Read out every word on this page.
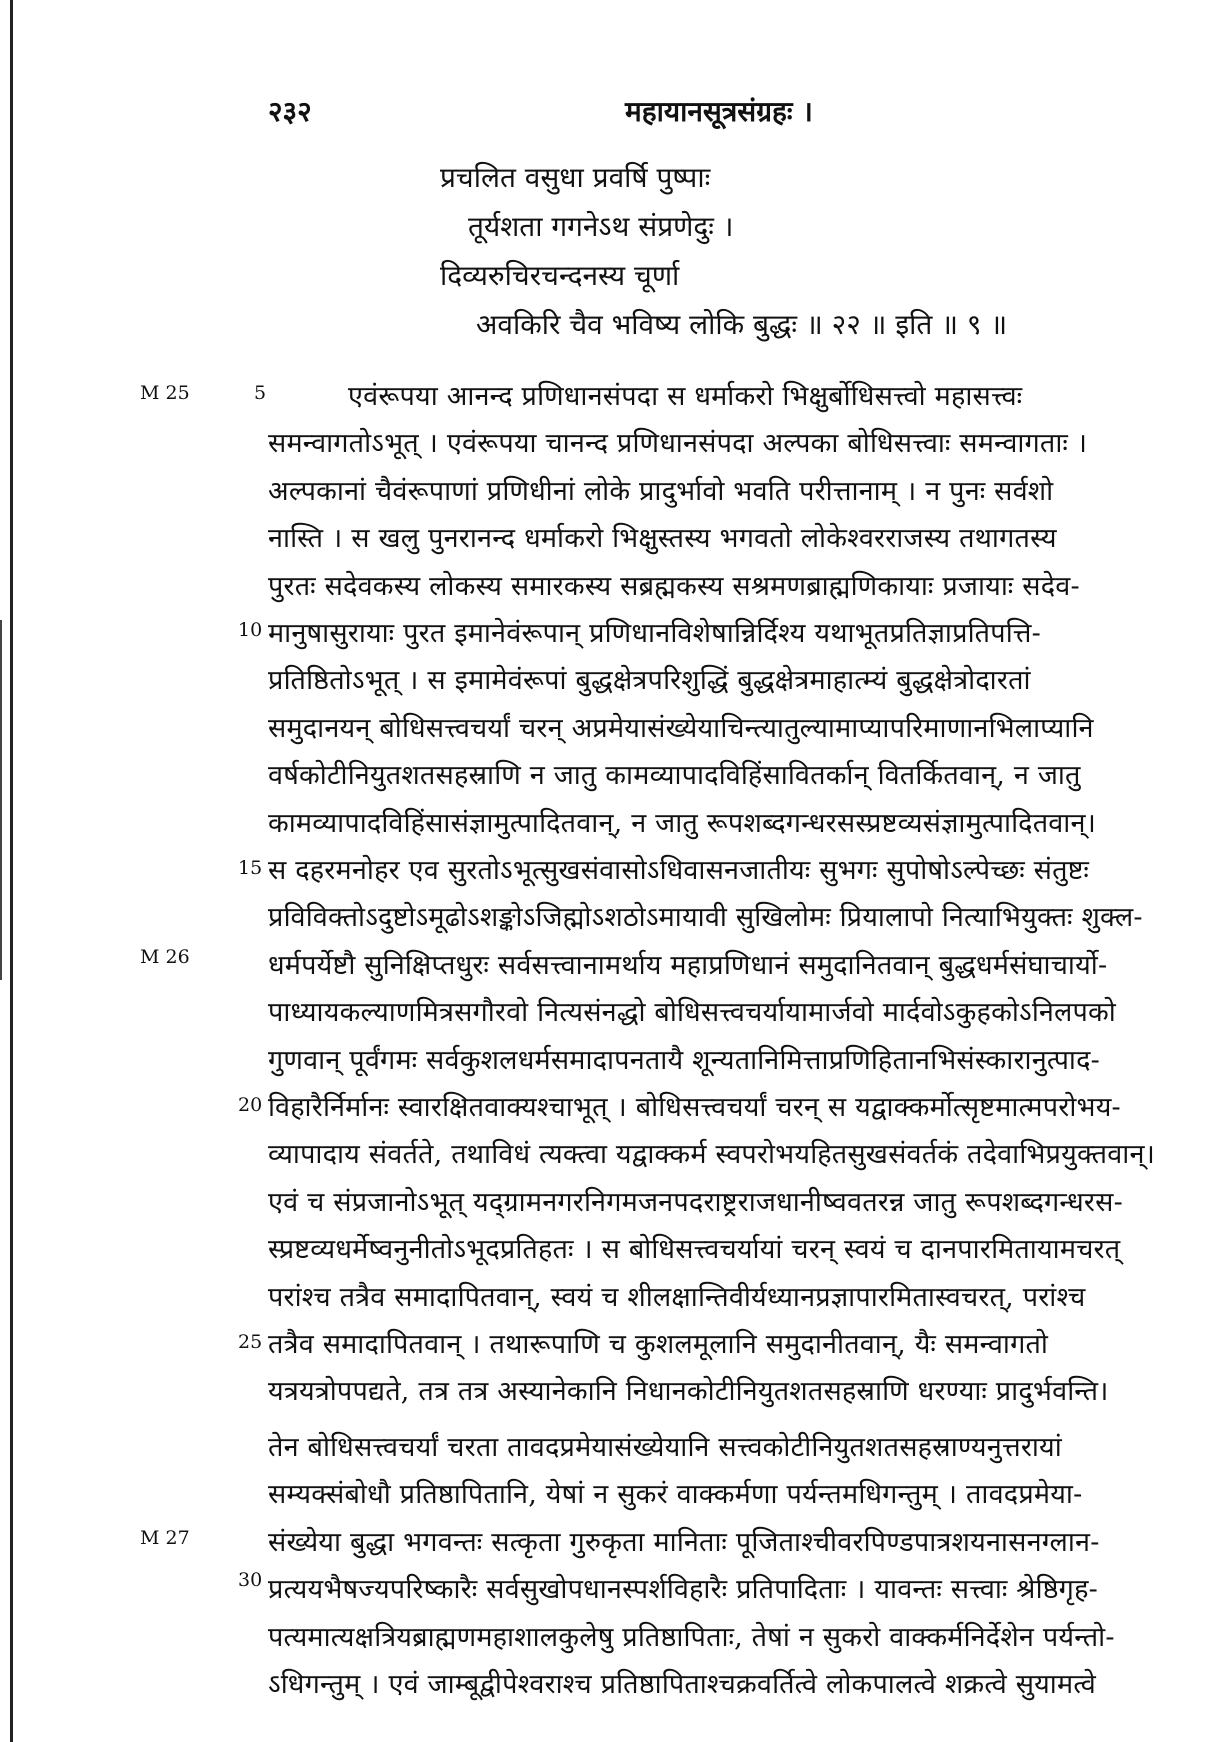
२३२	महायानसूत्रसंग्रहः ।
प्रचलित वसुधा प्रवर्षि पुष्पाः
तूर्यशता गगनेऽथ संप्रणेदुः ।
दिव्यरुचिरचन्दनस्य चूर्णा
अवकिरि चैव भविष्य लोकि बुद्धः ॥ २२ ॥ इति ॥ ९ ॥
M 25
M 26
M 27
5
10
15
20
25
30
एवंरूपया आनन्द प्रणिधानसंपदा स धर्माकरो भिक्षुर्बोधिसत्त्वो महासत्त्वः
समन्वागतोऽभूत् । एवंरूपया चानन्द प्रणिधानसंपदा अल्पका बोधिसत्त्वाः समन्वागताः ।
अल्पकानां चैवंरूपाणां प्रणिधीनां लोके प्रादुर्भावो भवति परीत्तानाम् । न पुनः सर्वशो
नास्ति । स खलु पुनरानन्द धर्माकरो भिक्षुस्तस्य भगवतो लोकेश्वरराजस्य तथागतस्य
पुरतः सदेवकस्य लोकस्य समारकस्य सब्रह्मकस्य सश्रमणब्राह्मणिकायाः प्रजायाः सदेव-
मानुषासुरायाः पुरत इमानेवंरूपान् प्रणिधानविशेषान्निर्दिश्य यथाभूतप्रतिज्ञाप्रतिपत्ति-
प्रतिष्ठितोऽभूत् । स इमामेवंरूपां बुद्धक्षेत्रपरिशुद्धिं बुद्धक्षेत्रमाहात्म्यं बुद्धक्षेत्रोदारतां
समुदानयन् बोधिसत्त्वचर्यां चरन् अप्रमेयासंख्येयाचिन्त्यातुल्यामाप्यापरिमाणानभिलाप्यानि
वर्षकोटीनियुतशतसहस्राणि न जातु कामव्यापादविहिंसावितर्कान् वितर्कितवान्, न जातु
कामव्यापादविहिंसासंज्ञामुत्पादितवान्, न जातु रूपशब्दगन्धरसस्प्रष्टव्यसंज्ञामुत्पादितवान्।
स दहरमनोहर एव सुरतोऽभूत्सुखसंवासोऽधिवासनजातीयः सुभगः सुपोषोऽल्पेच्छः संतुष्टः
प्रविविक्तोऽदुष्टोऽमूढोऽशङ्कोऽजिह्मोऽशठोऽमायावी सुखिलोमः प्रियालापो नित्याभियुक्तः शुक्ल-
धर्मपर्येष्टौ सुनिक्षिप्तधुरः सर्वसत्त्वानामर्थाय महाप्रणिधानं समुदानितवान् बुद्धधर्मसंघाचार्यो-
पाध्यायकल्याणमित्रसगौरवो नित्यसंनद्धो बोधिसत्त्वचर्यायामार्जवो मार्दवोऽकुहकोऽनिलपको
गुणवान् पूर्वंगमः सर्वकुशलधर्मसमादापनतायै शून्यतानिमित्ताप्रणिहितानभिसंस्कारानुत्पाद-
विहारैर्निर्मानः स्वारक्षितवाक्यश्चाभूत् । बोधिसत्त्वचर्यां चरन् स यद्वाक्कर्मोत्सृष्टमात्मपरोभय-
व्यापादाय संवर्तते, तथाविधं त्यक्त्वा यद्वाक्कर्म स्वपरोभयहितसुखसंवर्तकं तदेवाभिप्रयुक्तवान्।
एवं च संप्रजानोऽभूत् यद्ग्रामनगरनिगमजनपदराष्ट्रराजधानीष्ववतरन्न जातु रूपशब्दगन्धरस-
स्प्रष्टव्यधर्मेष्वनुनीतोऽभूदप्रतिहतः । स बोधिसत्त्वचर्यायां चरन् स्वयं च दानपारमितायामचरत्
परांश्च तत्रैव समादापितवान्, स्वयं च शीलक्षान्तिवीर्यध्यानप्रज्ञापारमितास्वचरत्, परांश्च
तत्रैव समादापितवान् । तथारूपाणि च कुशलमूलानि समुदानीतवान्, यैः समन्वागतो
यत्रयत्रोपपद्यते, तत्र तत्र अस्यानेकानि निधानकोटीनियुतशतसहस्राणि धरण्याः प्रादुर्भवन्ति।
तेन बोधिसत्त्वचर्यां चरता तावदप्रमेयासंख्येयानि सत्त्वकोटीनियुतशतसहस्राण्यनुत्तरायां
सम्यक्संबोधौ प्रतिष्ठापितानि, येषां न सुकरं वाक्कर्मणा पर्यन्तमधिगन्तुम् । तावदप्रमेया-
संख्येया बुद्धा भगवन्तः सत्कृता गुरुकृता मानिताः पूजिताश्चीवरपिण्डपात्रशयनासनग्लान-
प्रत्ययभैषज्यपरिष्कारैः सर्वसुखोपधानस्पर्शविहारैः प्रतिपादिताः । यावन्तः सत्त्वाः श्रेष्ठिगृह-
पत्यमात्यक्षत्रियब्राह्मणमहाशालकुलेषु प्रतिष्ठापिताः, तेषां न सुकरो वाक्कर्मनिर्देशेन पर्यन्तो-
ऽधिगन्तुम् । एवं जाम्बूद्वीपेश्वराश्च प्रतिष्ठापिताश्चक्रवर्तित्वे लोकपालत्वे शक्रत्वे सुयामत्वे
